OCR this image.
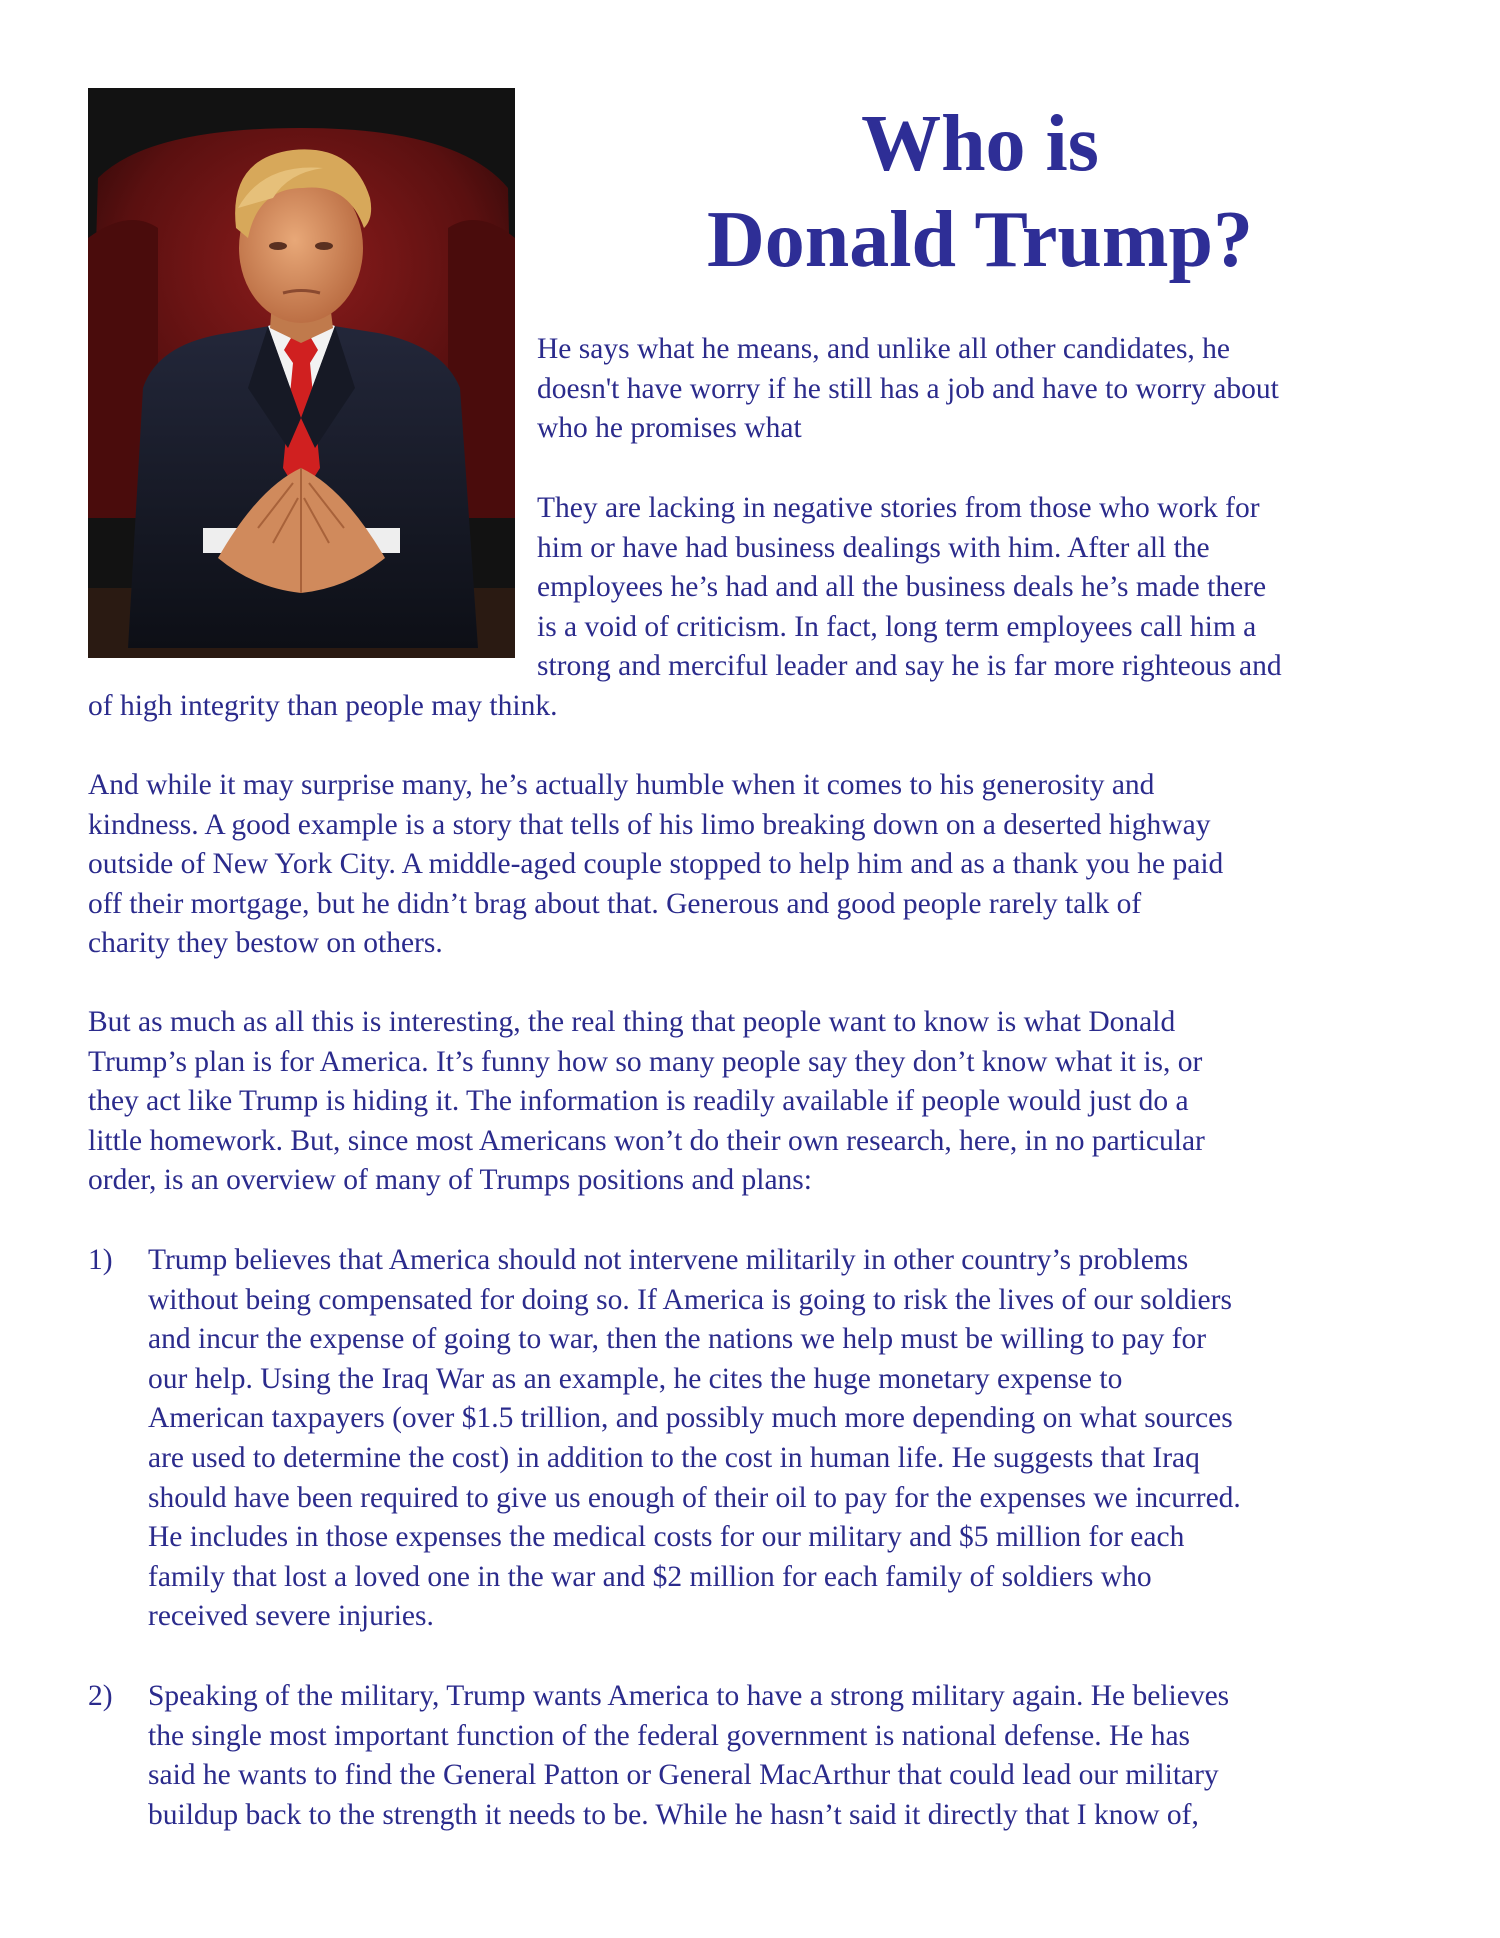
Who is
Donald Trump?

He says what he means, and unlike all other candidates, he
doesn't have worry if he still has a job and have to worry about
who he promises what

They are lacking in negative stories from those who work for
him or have had business dealings with him. After all the
employees he’s had and all the business deals he’s made there
is a void of criticism. In fact, long term employees call him a
strong and merciful leader and say he is far more righteous and

of high integrity than people may think.

And while it may surprise many, he’s actually humble when it comes to his generosity and
kindness. A good example is a story that tells of his limo breaking down on a deserted highway
outside of New York City. A middle-aged couple stopped to help him and as a thank you he paid
off their mortgage, but he didn’t brag about that. Generous and good people rarely talk of
charity they bestow on others.

But as much as all this is interesting, the real thing that people want to know is what Donald
Trump’s plan is for America. It’s funny how so many people say they don’t know what it is, or
they act like Trump is hiding it. The information is readily available if people would just do a
little homework. But, since most Americans won’t do their own research, here, in no particular
order, is an overview of many of Trumps positions and plans:

1) Trump believes that America should not intervene militarily in other country’s problems
without being compensated for doing so. If America is going to risk the lives of our soldiers
and incur the expense of going to war, then the nations we help must be willing to pay for
our help. Using the Iraq War as an example, he cites the huge monetary expense to
American taxpayers (over $1.5 trillion, and possibly much more depending on what sources
are used to determine the cost) in addition to the cost in human life. He suggests that Iraq
should have been required to give us enough of their oil to pay for the expenses we incurred.
He includes in those expenses the medical costs for our military and $5 million for each
family that lost a loved one in the war and $2 million for each family of soldiers who
received severe injuries.

2) Speaking of the military, Trump wants America to have a strong military again. He believes
the single most important function of the federal government is national defense. He has
said he wants to find the General Patton or General MacArthur that could lead our military
buildup back to the strength it needs to be. While he hasn’t said it directly that I know of,
